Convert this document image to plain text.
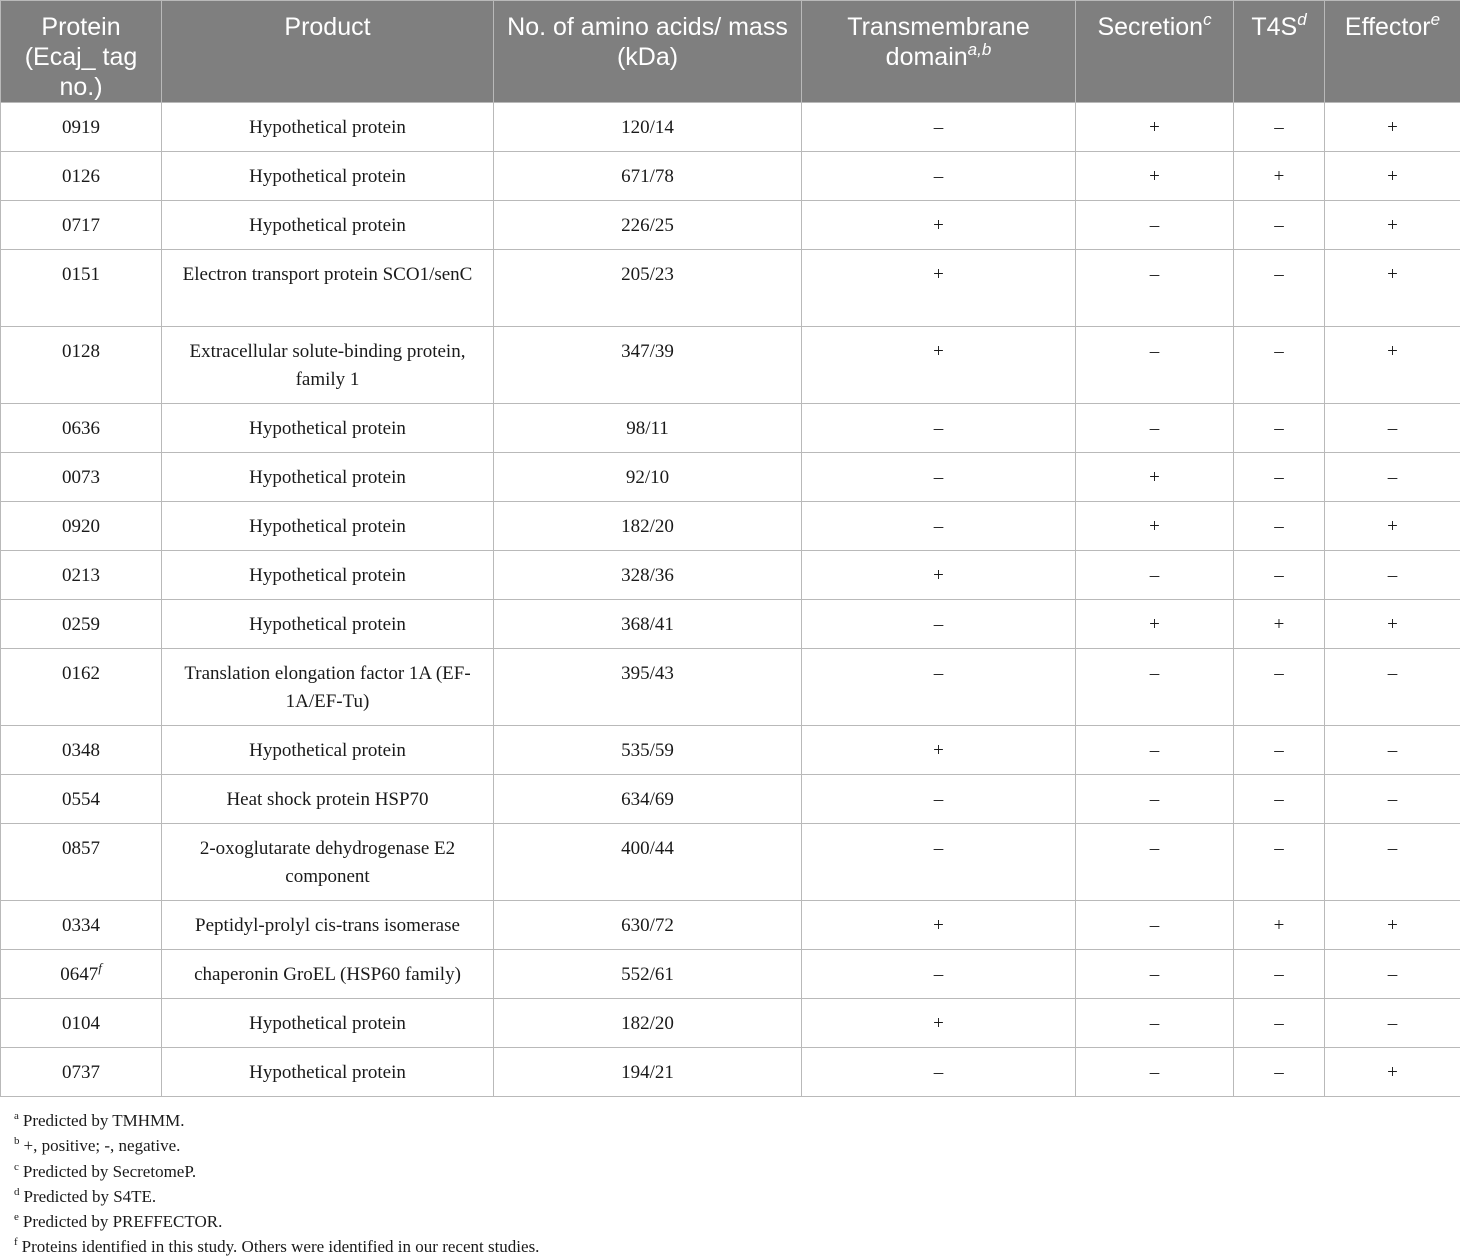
Protein (Ecaj_ tag no.)	Product	No. of amino acids/ mass (kDa)	Transmembrane domain$^{a,b}$	Secretion$^c$	$T4S^d$	Effector$^e$
0919	Hypothetical protein	120/14	–	+	–	+
0126	Hypothetical protein	671/78	–	+	+	+
0717	Hypothetical protein	226/25	+	–	–	+
0151	Electron transport protein SCO1/senC	205/23	+	–	–	+
0128	Extracellular solute-binding protein, family 1	347/39	+	–	–	+
0636	Hypothetical protein	98/11	–	–	–	–
0073	Hypothetical protein	92/10	–	+	–	–
0920	Hypothetical protein	182/20	–	+	–	+
0213	Hypothetical protein	328/36	+	–	–	–
0259	Hypothetical protein	368/41	–	+	+	+
0162	Translation elongation factor 1A (EF-1A/EF-Tu)	395/43	–	–	–	–
0348	Hypothetical protein	535/59	+	–	–	–
0554	Heat shock protein HSP70	634/69	–	–	–	–
0857	2-oxoglutarate dehydrogenase E2 component	400/44	–	–	–	–
0334	Peptidyl-prolyl cis-trans isomerase	630/72	+	–	+	+
$0647^f$	chaperonin GroEL (HSP60 family)	552/61	–	–	–	–
0104	Hypothetical protein	182/20	+	–	–	–
0737	Hypothetical protein	194/21	–	–	–	+
$^a$ Predicted by TMHMM.
$^b$ +, positive; -, negative.
$^c$ Predicted by SecretomeP.
$^d$ Predicted by S4TE.
$^e$ Predicted by PREFFECTOR.
$^f$ Proteins identified in this study. Others were identified in our recent studies.
